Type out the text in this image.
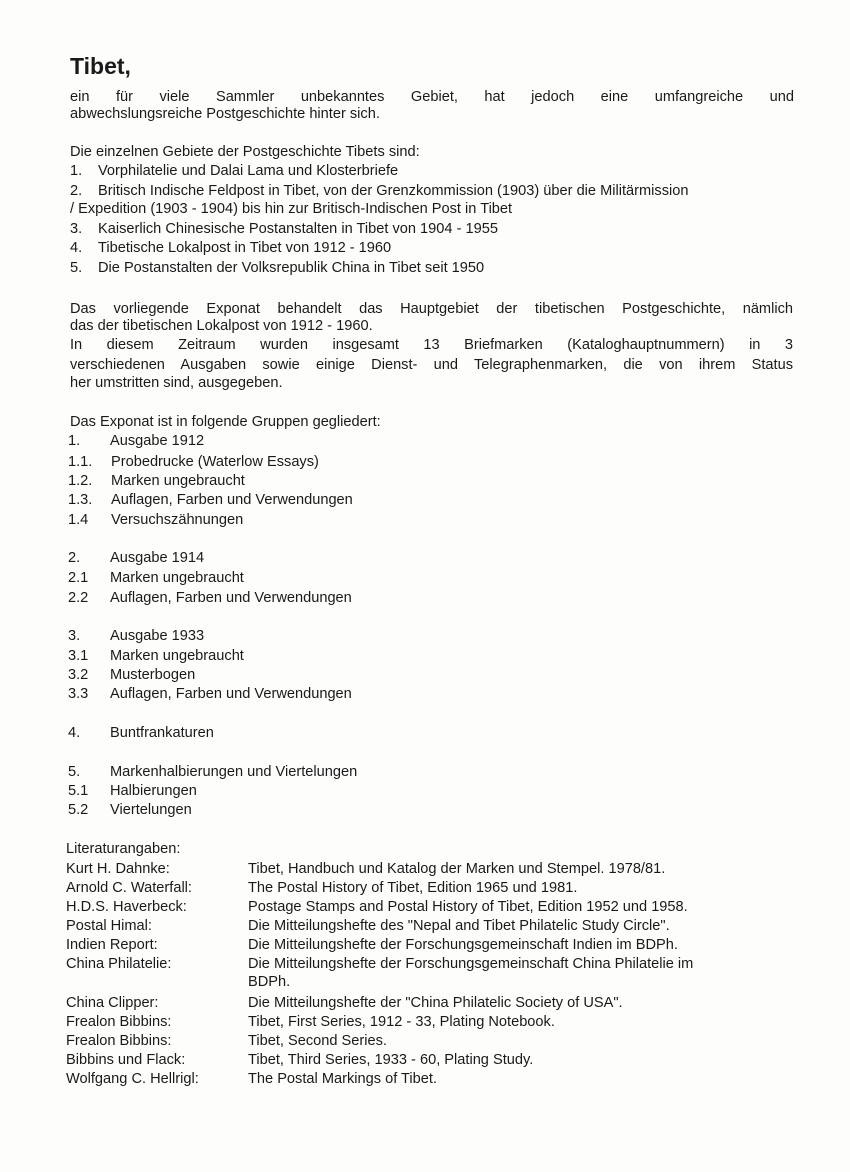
Tibet,
ein für viele Sammler unbekanntes Gebiet, hat jedoch eine umfangreiche und
abwechslungsreiche Postgeschichte hinter sich.
Die einzelnen Gebiete der Postgeschichte Tibets sind:
1. Vorphilatelie und Dalai Lama und Klosterbriefe
2. Britisch Indische Feldpost in Tibet, von der Grenzkommission (1903) über die Militärmission
/ Expedition (1903 - 1904) bis hin zur Britisch-Indischen Post in Tibet
3. Kaiserlich Chinesische Postanstalten in Tibet von 1904 - 1955
4. Tibetische Lokalpost in Tibet von 1912 - 1960
5. Die Postanstalten der Volksrepublik China in Tibet seit 1950
Das vorliegende Exponat behandelt das Hauptgebiet der tibetischen Postgeschichte, nämlich
das der tibetischen Lokalpost von 1912 - 1960.
In diesem Zeitraum wurden insgesamt 13 Briefmarken (Kataloghauptnummern) in 3
verschiedenen Ausgaben sowie einige Dienst- und Telegraphenmarken, die von ihrem Status
her umstritten sind, ausgegeben.
Das Exponat ist in folgende Gruppen gegliedert:
1. Ausgabe 1912
1.1. Probedrucke (Waterlow Essays)
1.2. Marken ungebraucht
1.3. Auflagen, Farben und Verwendungen
1.4 Versuchszähnungen
2. Ausgabe 1914
2.1 Marken ungebraucht
2.2 Auflagen, Farben und Verwendungen
3. Ausgabe 1933
3.1 Marken ungebraucht
3.2 Musterbogen
3.3 Auflagen, Farben und Verwendungen
4. Buntfrankaturen
5. Markenhalbierungen und Viertelungen
5.1 Halbierungen
5.2 Viertelungen
Literaturangaben:
Kurt H. Dahnke:	Tibet, Handbuch und Katalog der Marken und Stempel. 1978/81.
Arnold C. Waterfall:	The Postal History of Tibet, Edition 1965 und 1981.
H.D.S. Haverbeck:	Postage Stamps and Postal History of Tibet, Edition 1952 und 1958.
Postal Himal:	Die Mitteilungshefte des "Nepal and Tibet Philatelic Study Circle".
Indien Report:	Die Mitteilungshefte der Forschungsgemeinschaft Indien im BDPh.
China Philatelie:	Die Mitteilungshefte der Forschungsgemeinschaft China Philatelie im
BDPh.
China Clipper:	Die Mitteilungshefte der "China Philatelic Society of USA".
Frealon Bibbins:	Tibet, First Series, 1912 - 33, Plating Notebook.
Frealon Bibbins:	Tibet, Second Series.
Bibbins und Flack:	Tibet, Third Series, 1933 - 60, Plating Study.
Wolfgang C. Hellrigl:	The Postal Markings of Tibet.
